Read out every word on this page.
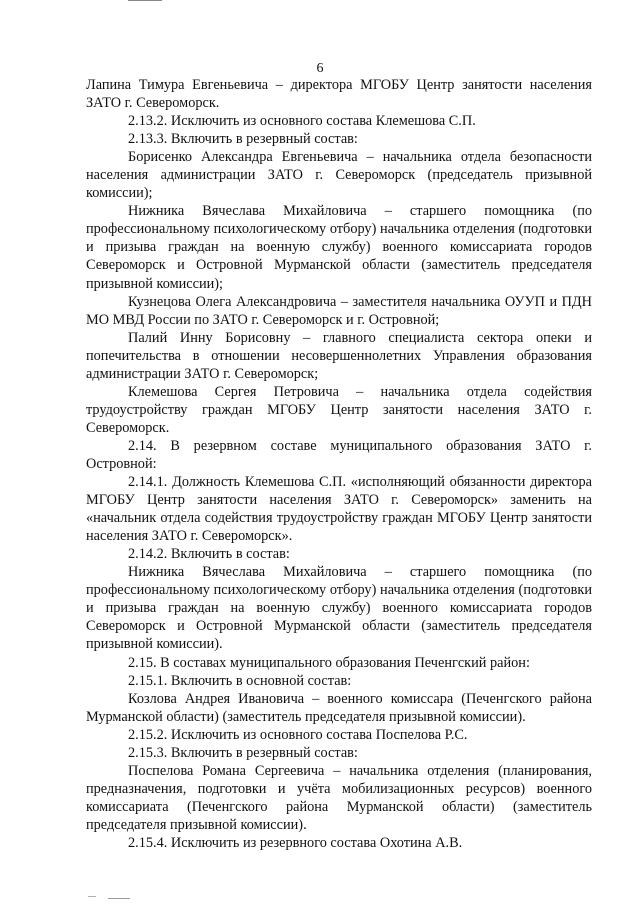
6

Лапина Тимура Евгеньевича – директора МГОБУ Центр занятости населения ЗАТО г. Североморск.

2.13.2. Исключить из основного состава Клемешова С.П.

2.13.3. Включить в резервный состав:

Борисенко Александра Евгеньевича – начальника отдела безопасности населения администрации ЗАТО г. Североморск (председатель призывной комиссии);

Нижника Вячеслава Михайловича – старшего помощника (по профессиональному психологическому отбору) начальника отделения (подготовки и призыва граждан на военную службу) военного комиссариата городов Североморск и Островной Мурманской области (заместитель председателя призывной комиссии);

Кузнецова Олега Александровича – заместителя начальника ОУУП и ПДН МО МВД России по ЗАТО г. Североморск и г. Островной;

Палий Инну Борисовну – главного специалиста сектора опеки и попечительства в отношении несовершеннолетних Управления образования администрации ЗАТО г. Североморск;

Клемешова Сергея Петровича – начальника отдела содействия трудоустройству граждан МГОБУ Центр занятости населения ЗАТО г. Североморск.

2.14. В резервном составе муниципального образования ЗАТО г. Островной:

2.14.1. Должность Клемешова С.П. «исполняющий обязанности директора МГОБУ Центр занятости населения ЗАТО г. Североморск» заменить на «начальник отдела содействия трудоустройству граждан МГОБУ Центр занятости населения ЗАТО г. Североморск».

2.14.2. Включить в состав:

Нижника Вячеслава Михайловича – старшего помощника (по профессиональному психологическому отбору) начальника отделения (подготовки и призыва граждан на военную службу) военного комиссариата городов Североморск и Островной Мурманской области (заместитель председателя призывной комиссии).

2.15. В составах муниципального образования Печенгский район:

2.15.1. Включить в основной состав:

Козлова Андрея Ивановича – военного комиссара (Печенгского района Мурманской области) (заместитель председателя призывной комиссии).

2.15.2. Исключить из основного состава Поспелова Р.С.

2.15.3. Включить в резервный состав:

Поспелова Романа Сергеевича – начальника отделения (планирования, предназначения, подготовки и учёта мобилизационных ресурсов) военного комиссариата (Печенгского района Мурманской области) (заместитель председателя призывной комиссии).

2.15.4. Исключить из резервного состава Охотина А.В.
